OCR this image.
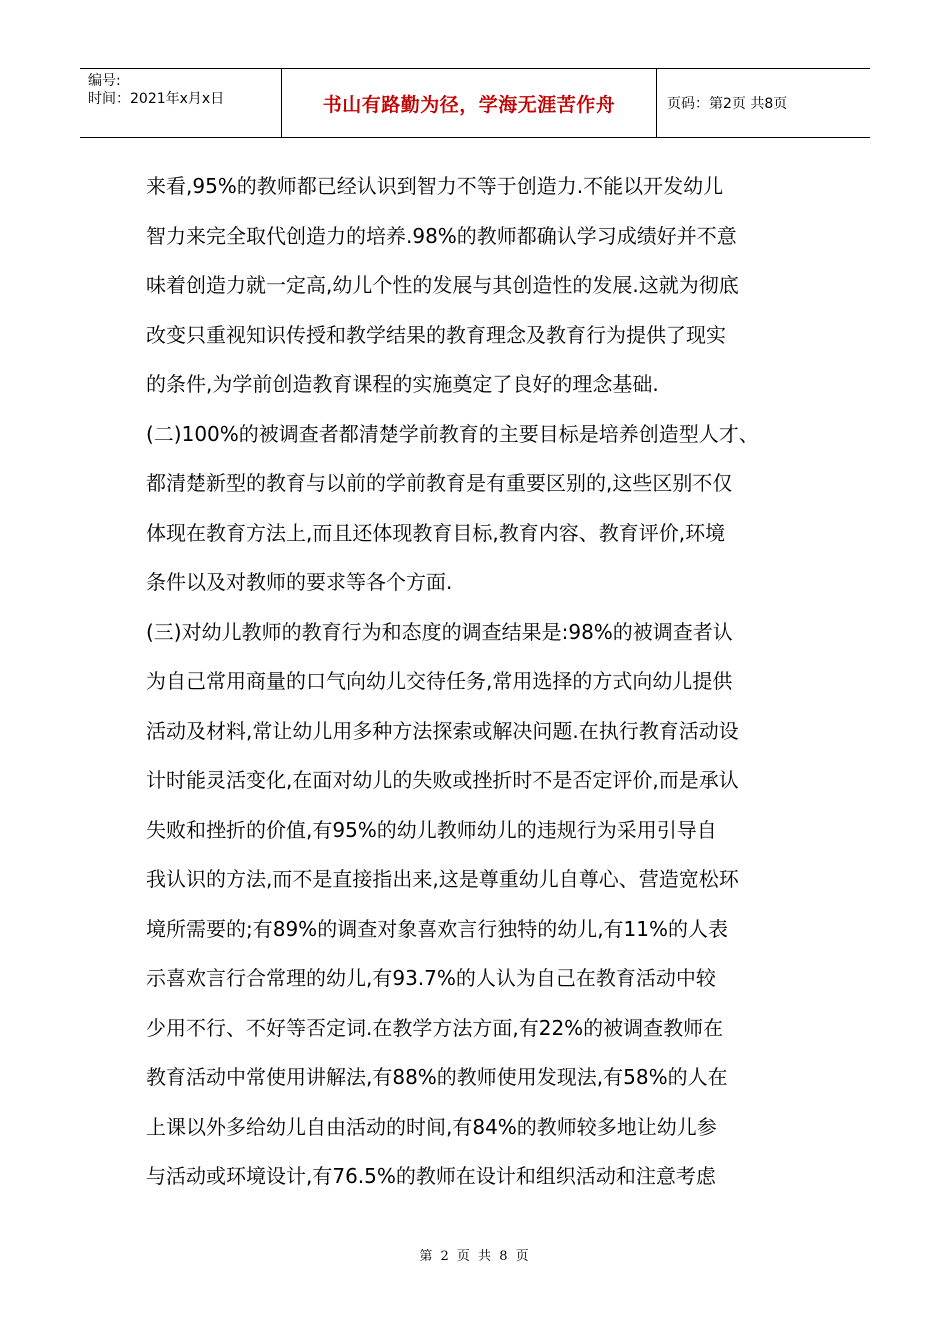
编号:
时间：2021年x月x日	书山有路勤为径，学海无涯苦作舟	页码：第2页 共8页

来看,95%的教师都已经认识到智力不等于创造力.不能以开发幼儿

智力来完全取代创造力的培养.98%的教师都确认学习成绩好并不意

味着创造力就一定高,幼儿个性的发展与其创造性的发展.这就为彻底

改变只重视知识传授和教学结果的教育理念及教育行为提供了现实

的条件,为学前创造教育课程的实施奠定了良好的理念基础.

(二)100%的被调查者都清楚学前教育的主要目标是培养创造型人才、

都清楚新型的教育与以前的学前教育是有重要区别的,这些区别不仅

体现在教育方法上,而且还体现教育目标,教育内容、教育评价,环境

条件以及对教师的要求等各个方面.

(三)对幼儿教师的教育行为和态度的调查结果是:98%的被调查者认

为自己常用商量的口气向幼儿交待任务,常用选择的方式向幼儿提供

活动及材料,常让幼儿用多种方法探索或解决问题.在执行教育活动设

计时能灵活变化,在面对幼儿的失败或挫折时不是否定评价,而是承认

失败和挫折的价值,有95%的幼儿教师幼儿的违规行为采用引导自

我认识的方法,而不是直接指出来,这是尊重幼儿自尊心、营造宽松环

境所需要的;有89%的调查对象喜欢言行独特的幼儿,有11%的人表

示喜欢言行合常理的幼儿,有93.7%的人认为自己在教育活动中较

少用不行、不好等否定词.在教学方法方面,有22%的被调查教师在

教育活动中常使用讲解法,有88%的教师使用发现法,有58%的人在

上课以外多给幼儿自由活动的时间,有84%的教师较多地让幼儿参

与活动或环境设计,有76.5%的教师在设计和组织活动和注意考虑

第 2 页 共 8 页
